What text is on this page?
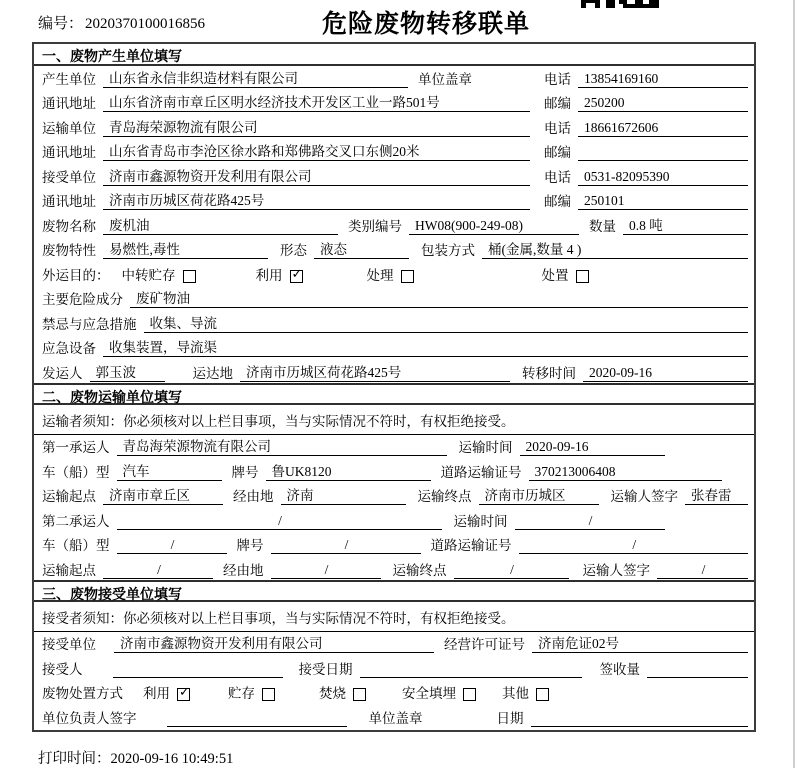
编号： 2020370100016856	危险废物转移联单
一、废物产生单位填写
产生单位 山东省永信非织造材料有限公司	单位盖章	电话 13854169160
通讯地址 山东省济南市章丘区明水经济技术开发区工业一路501号	邮编 250200
运输单位 青岛海荣源物流有限公司	电话 18661672606
通讯地址 山东省青岛市李沧区徐水路和郑佛路交叉口东侧20米	邮编
接受单位 济南市鑫源物资开发利用有限公司	电话 0531-82095390
通讯地址 济南市历城区荷花路425号	邮编 250101
废物名称 废机油	类别编号 HW08(900-249-08)	数量 0.8 吨
废物特性 易燃性,毒性	形态 液态	包装方式 桶(金属,数量 4 )
外运目的： 中转贮存	利用 ✓	处理	处置
主要危险成分 废矿物油
禁忌与应急措施 收集、导流
应急设备 收集装置，导流渠
发运人 郭玉波	运达地 济南市历城区荷花路425号	转移时间 2020-09-16
二、废物运输单位填写
运输者须知：你必须核对以上栏目事项，当与实际情况不符时，有权拒绝接受。
第一承运人 青岛海荣源物流有限公司	运输时间 2020-09-16
车（船）型 汽车	牌号 鲁UK8120	道路运输证号 370213006408
运输起点 济南市章丘区	经由地 济南	运输终点 济南市历城区	运输人签字 张春雷
第二承运人	/	运输时间	/
车（船）型	/	牌号	/	道路运输证号	/
运输起点	/	经由地	/	运输终点	/	运输人签字	/
三、废物接受单位填写
接受者须知：你必须核对以上栏目事项，当与实际情况不符时，有权拒绝接受。
接受单位	济南市鑫源物资开发利用有限公司	经营许可证号 济南危证02号
接受人	接受日期	签收量
废物处置方式 利用 ✓	贮存	焚烧	安全填埋	其他
单位负责人签字	单位盖章	日期
打印时间：2020-09-16 10:49:51
